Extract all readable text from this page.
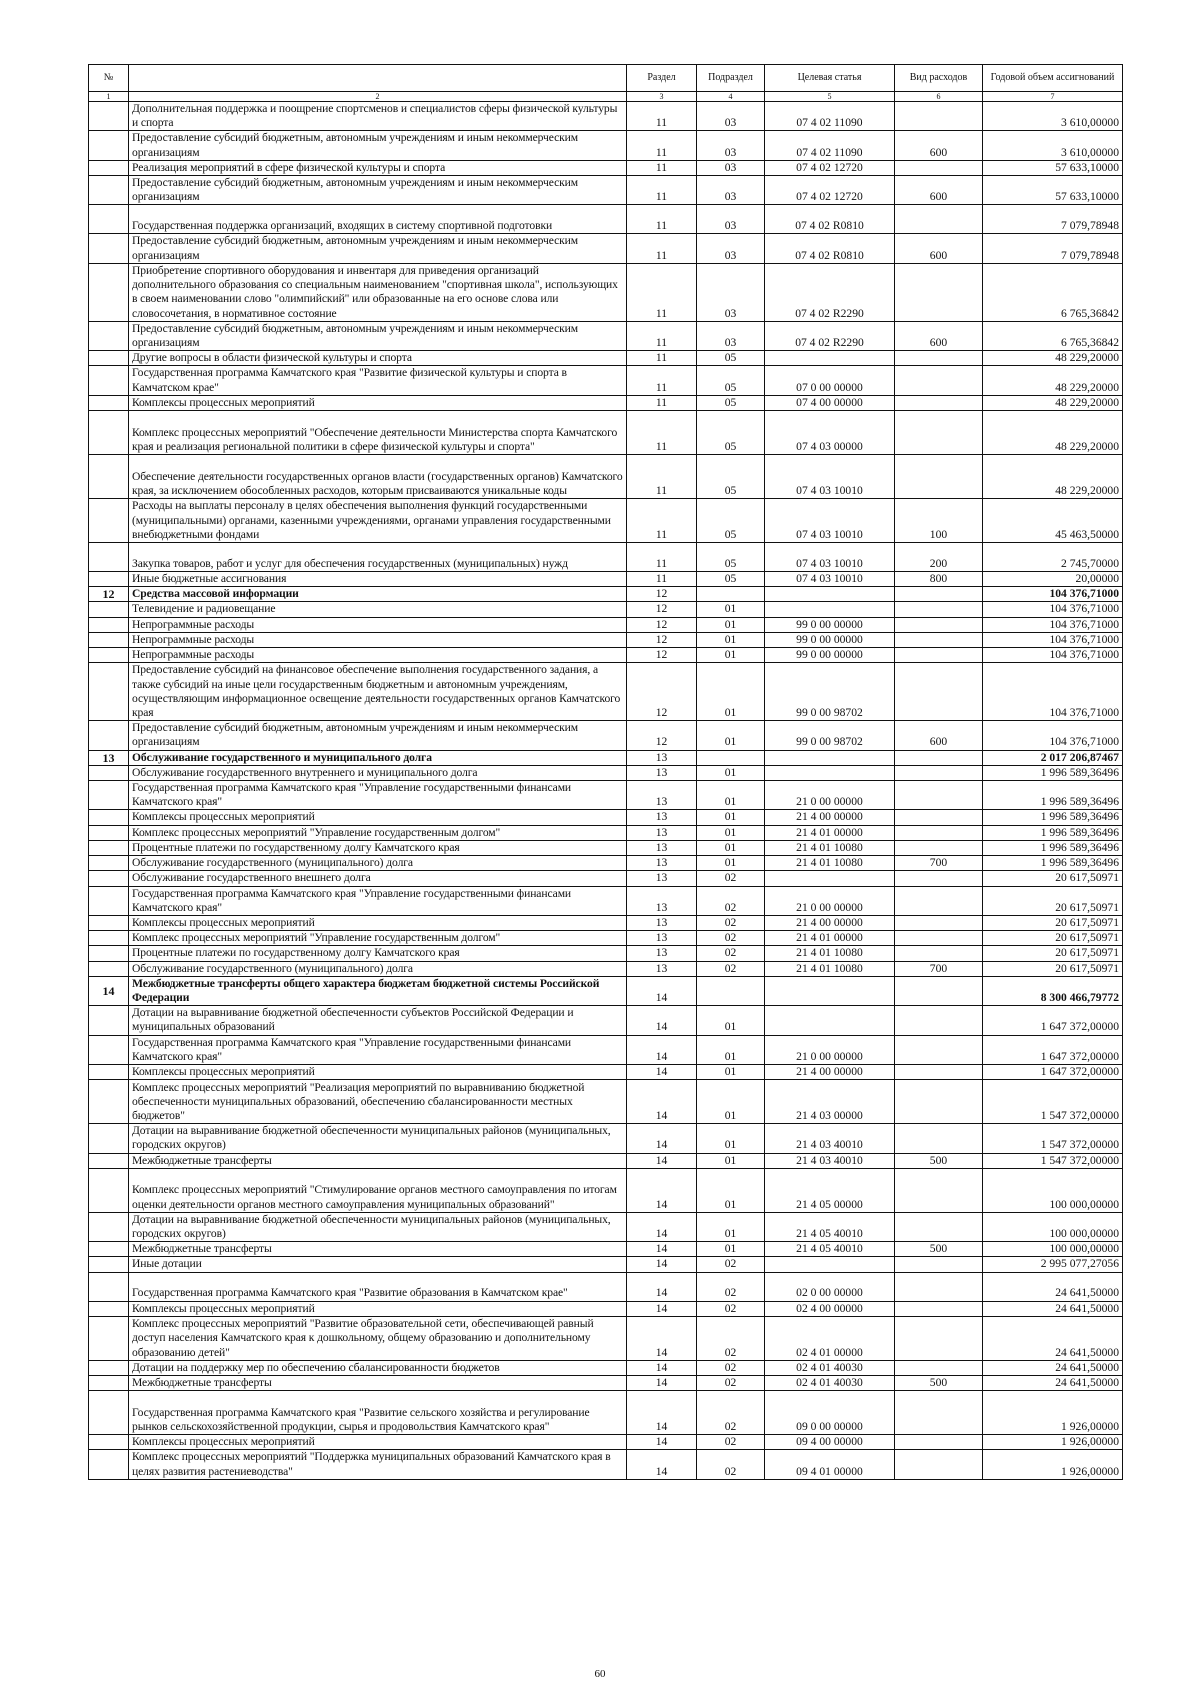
№		Раздел	Подраздел	Целевая статья	Вид расходов	Годовой объем ассигнований
1	2	3	4	5	6	7
	Дополнительная поддержка и поощрение спортсменов и специалистов сферы физической культуры и спорта	11	03	07 4 02 11090		3 610,00000
	Предоставление субсидий бюджетным, автономным учреждениям и иным некоммерческим организациям	11	03	07 4 02 11090	600	3 610,00000
	Реализация мероприятий в сфере физической культуры и спорта	11	03	07 4 02 12720		57 633,10000
	Предоставление субсидий бюджетным, автономным учреждениям и иным некоммерческим организациям	11	03	07 4 02 12720	600	57 633,10000
	Государственная поддержка организаций, входящих в систему спортивной подготовки	11	03	07 4 02 R0810		7 079,78948
	Предоставление субсидий бюджетным, автономным учреждениям и иным некоммерческим организациям	11	03	07 4 02 R0810	600	7 079,78948
	Приобретение спортивного оборудования и инвентаря для приведения организаций дополнительного образования со специальным наименованием "спортивная школа", использующих в своем наименовании слово "олимпийский" или образованные на его основе слова или словосочетания, в нормативное состояние	11	03	07 4 02 R2290		6 765,36842
	Предоставление субсидий бюджетным, автономным учреждениям и иным некоммерческим организациям	11	03	07 4 02 R2290	600	6 765,36842
	Другие вопросы в области физической культуры и спорта	11	05			48 229,20000
	Государственная программа Камчатского края "Развитие физической культуры и спорта в Камчатском крае"	11	05	07 0 00 00000		48 229,20000
	Комплексы процессных мероприятий	11	05	07 4 00 00000		48 229,20000
	Комплекс процессных мероприятий "Обеспечение деятельности Министерства спорта Камчатского края и реализация региональной политики в сфере физической культуры и спорта"	11	05	07 4 03 00000		48 229,20000
	Обеспечение деятельности государственных органов власти (государственных органов) Камчатского края, за исключением обособленных расходов, которым присваиваются уникальные коды	11	05	07 4 03 10010		48 229,20000
	Расходы на выплаты персоналу в целях обеспечения выполнения функций государственными (муниципальными) органами, казенными учреждениями, органами управления государственными внебюджетными фондами	11	05	07 4 03 10010	100	45 463,50000
	Закупка товаров, работ и услуг для обеспечения государственных (муниципальных) нужд	11	05	07 4 03 10010	200	2 745,70000
	Иные бюджетные ассигнования	11	05	07 4 03 10010	800	20,00000
12	Средства массовой информации	12				104 376,71000
	Телевидение и радиовещание	12	01			104 376,71000
	Непрограммные расходы	12	01	99 0 00 00000		104 376,71000
	Непрограммные расходы	12	01	99 0 00 00000		104 376,71000
	Непрограммные расходы	12	01	99 0 00 00000		104 376,71000
	Предоставление субсидий на финансовое обеспечение выполнения государственного задания, а также субсидий на иные цели государственным бюджетным и автономным учреждениям, осуществляющим информационное освещение деятельности государственных органов Камчатского края	12	01	99 0 00 98702		104 376,71000
	Предоставление субсидий бюджетным, автономным учреждениям и иным некоммерческим организациям	12	01	99 0 00 98702	600	104 376,71000
13	Обслуживание государственного и муниципального долга	13				2 017 206,87467
	Обслуживание государственного внутреннего и муниципального долга	13	01			1 996 589,36496
	Государственная программа Камчатского края "Управление государственными финансами Камчатского края"	13	01	21 0 00 00000		1 996 589,36496
	Комплексы процессных мероприятий	13	01	21 4 00 00000		1 996 589,36496
	Комплекс процессных мероприятий "Управление государственным долгом"	13	01	21 4 01 00000		1 996 589,36496
	Процентные платежи по государственному долгу Камчатского края	13	01	21 4 01 10080		1 996 589,36496
	Обслуживание государственного (муниципального) долга	13	01	21 4 01 10080	700	1 996 589,36496
	Обслуживание государственного внешнего долга	13	02			20 617,50971
	Государственная программа Камчатского края "Управление государственными финансами Камчатского края"	13	02	21 0 00 00000		20 617,50971
	Комплексы процессных мероприятий	13	02	21 4 00 00000		20 617,50971
	Комплекс процессных мероприятий "Управление государственным долгом"	13	02	21 4 01 00000		20 617,50971
	Процентные платежи по государственному долгу Камчатского края	13	02	21 4 01 10080		20 617,50971
	Обслуживание государственного (муниципального) долга	13	02	21 4 01 10080	700	20 617,50971
14	Межбюджетные трансферты общего характера бюджетам бюджетной системы Российской Федерации	14				8 300 466,79772
	Дотации на выравнивание бюджетной обеспеченности субъектов Российской Федерации и муниципальных образований	14	01			1 647 372,00000
	Государственная программа Камчатского края "Управление государственными финансами Камчатского края"	14	01	21 0 00 00000		1 647 372,00000
	Комплексы процессных мероприятий	14	01	21 4 00 00000		1 647 372,00000
	Комплекс процессных мероприятий "Реализация мероприятий по выравниванию бюджетной обеспеченности муниципальных образований, обеспечению сбалансированности местных бюджетов"	14	01	21 4 03 00000		1 547 372,00000
	Дотации на выравнивание бюджетной обеспеченности муниципальных районов (муниципальных, городских округов)	14	01	21 4 03 40010		1 547 372,00000
	Межбюджетные трансферты	14	01	21 4 03 40010	500	1 547 372,00000
	Комплекс процессных мероприятий "Стимулирование органов местного самоуправления по итогам оценки деятельности органов местного самоуправления муниципальных образований"	14	01	21 4 05 00000		100 000,00000
	Дотации на выравнивание бюджетной обеспеченности муниципальных районов (муниципальных, городских округов)	14	01	21 4 05 40010		100 000,00000
	Межбюджетные трансферты	14	01	21 4 05 40010	500	100 000,00000
	Иные дотации	14	02			2 995 077,27056
	Государственная программа Камчатского края "Развитие образования в Камчатском крае"	14	02	02 0 00 00000		24 641,50000
	Комплексы процессных мероприятий	14	02	02 4 00 00000		24 641,50000
	Комплекс процессных мероприятий "Развитие образовательной сети, обеспечивающей равный доступ населения Камчатского края к дошкольному, общему образованию и дополнительному образованию детей"	14	02	02 4 01 00000		24 641,50000
	Дотации на поддержку мер по обеспечению сбалансированности бюджетов	14	02	02 4 01 40030		24 641,50000
	Межбюджетные трансферты	14	02	02 4 01 40030	500	24 641,50000
	Государственная программа Камчатского края "Развитие сельского хозяйства и регулирование рынков сельскохозяйственной продукции, сырья и продовольствия Камчатского края"	14	02	09 0 00 00000		1 926,00000
	Комплексы процессных мероприятий	14	02	09 4 00 00000		1 926,00000
	Комплекс процессных мероприятий "Поддержка муниципальных образований Камчатского края в целях развития растениеводства"	14	02	09 4 01 00000		1 926,00000
60
